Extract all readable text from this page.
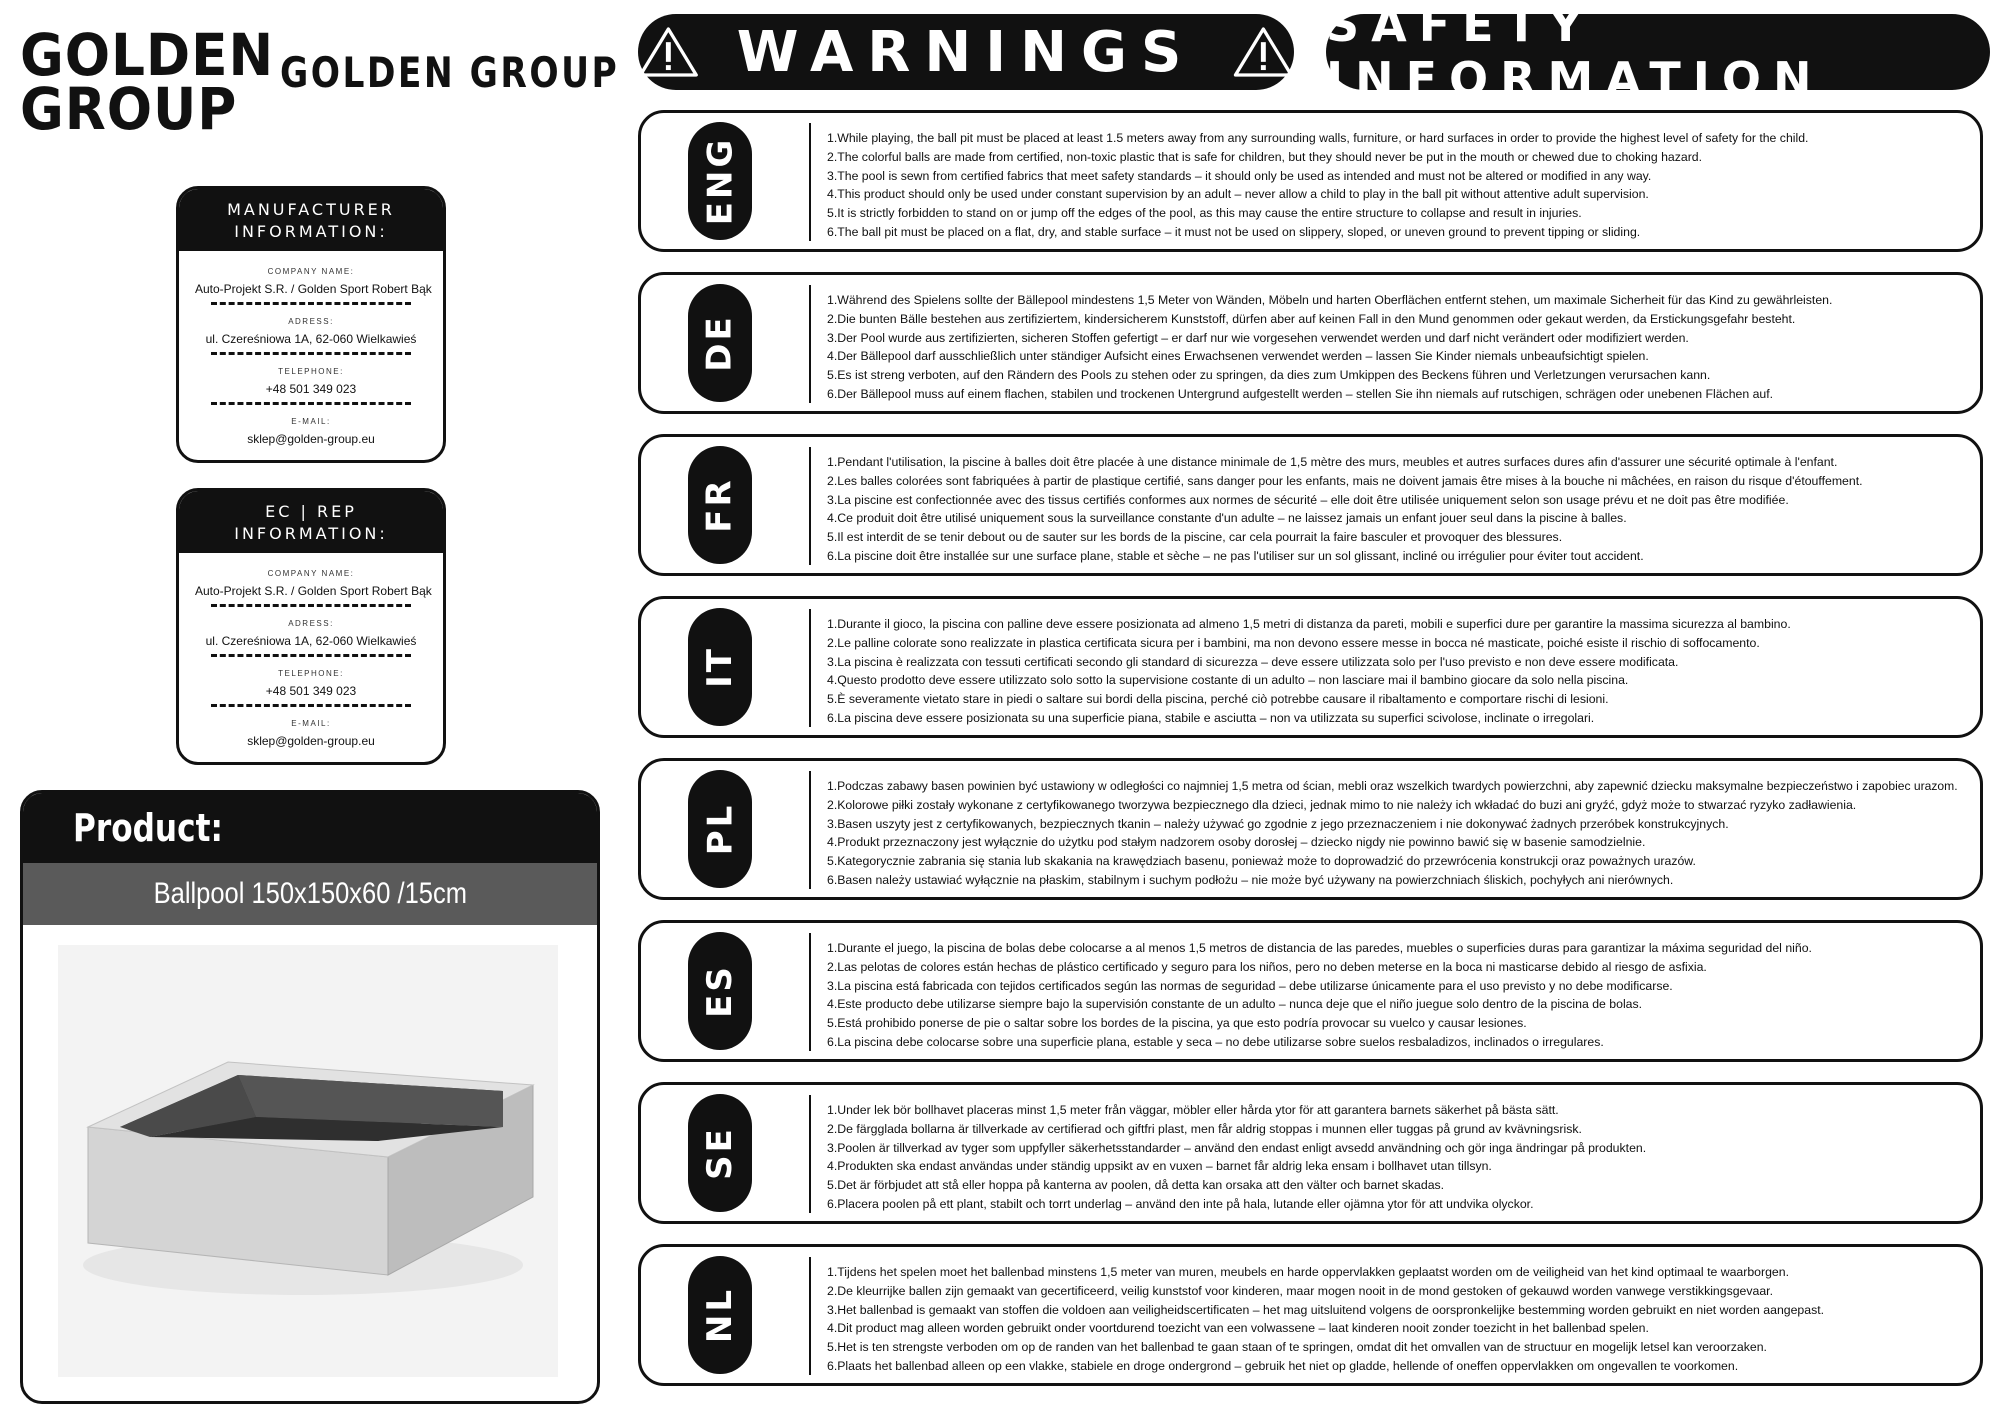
GOLDEN
GROUP
GOLDEN GROUP
MANUFACTURER INFORMATION:
COMPANY NAME:
Auto-Projekt S.R. / Golden Sport Robert Bąk
ADRESS:
ul. Czereśniowa 1A, 62-060 Wielkawieś
TELEPHONE:
+48 501 349 023
E-MAIL:
sklep@golden-group.eu
EC | REP INFORMATION:
COMPANY NAME:
Auto-Projekt S.R. / Golden Sport Robert Bąk
ADRESS:
ul. Czereśniowa 1A, 62-060 Wielkawieś
TELEPHONE:
+48 501 349 023
E-MAIL:
sklep@golden-group.eu
Product:
Ballpool 150x150x60 /15cm
WARNINGS	SAFETY INFORMATION
ENG	1.While playing, the ball pit must be placed at least 1.5 meters away from any surrounding walls, furniture, or hard surfaces in order to provide the highest level of safety for the child.
2.The colorful balls are made from certified, non-toxic plastic that is safe for children, but they should never be put in the mouth or chewed due to choking hazard.
3.The pool is sewn from certified fabrics that meet safety standards – it should only be used as intended and must not be altered or modified in any way.
4.This product should only be used under constant supervision by an adult – never allow a child to play in the ball pit without attentive adult supervision.
5.It is strictly forbidden to stand on or jump off the edges of the pool, as this may cause the entire structure to collapse and result in injuries.
6.The ball pit must be placed on a flat, dry, and stable surface – it must not be used on slippery, sloped, or uneven ground to prevent tipping or sliding.
DE
1.Während des Spielens sollte der Bällepool mindestens 1,5 Meter von Wänden, Möbeln und harten Oberflächen entfernt stehen, um maximale Sicherheit für das Kind zu gewährleisten.
2.Die bunten Bälle bestehen aus zertifiziertem, kindersicherem Kunststoff, dürfen aber auf keinen Fall in den Mund genommen oder gekaut werden, da Erstickungsgefahr besteht.
3.Der Pool wurde aus zertifizierten, sicheren Stoffen gefertigt – er darf nur wie vorgesehen verwendet werden und darf nicht verändert oder modifiziert werden.
4.Der Bällepool darf ausschließlich unter ständiger Aufsicht eines Erwachsenen verwendet werden – lassen Sie Kinder niemals unbeaufsichtigt spielen.
5.Es ist streng verboten, auf den Rändern des Pools zu stehen oder zu springen, da dies zum Umkippen des Beckens führen und Verletzungen verursachen kann.
6.Der Bällepool muss auf einem flachen, stabilen und trockenen Untergrund aufgestellt werden – stellen Sie ihn niemals auf rutschigen, schrägen oder unebenen Flächen auf.
FR
1.Pendant l'utilisation, la piscine à balles doit être placée à une distance minimale de 1,5 mètre des murs, meubles et autres surfaces dures afin d'assurer une sécurité optimale à l'enfant.
2.Les balles colorées sont fabriquées à partir de plastique certifié, sans danger pour les enfants, mais ne doivent jamais être mises à la bouche ni mâchées, en raison du risque d'étouffement.
3.La piscine est confectionnée avec des tissus certifiés conformes aux normes de sécurité – elle doit être utilisée uniquement selon son usage prévu et ne doit pas être modifiée.
4.Ce produit doit être utilisé uniquement sous la surveillance constante d'un adulte – ne laissez jamais un enfant jouer seul dans la piscine à balles.
5.Il est interdit de se tenir debout ou de sauter sur les bords de la piscine, car cela pourrait la faire basculer et provoquer des blessures.
6.La piscine doit être installée sur une surface plane, stable et sèche – ne pas l'utiliser sur un sol glissant, incliné ou irrégulier pour éviter tout accident.
IT
1.Durante il gioco, la piscina con palline deve essere posizionata ad almeno 1,5 metri di distanza da pareti, mobili e superfici dure per garantire la massima sicurezza al bambino.
2.Le palline colorate sono realizzate in plastica certificata sicura per i bambini, ma non devono essere messe in bocca né masticate, poiché esiste il rischio di soffocamento.
3.La piscina è realizzata con tessuti certificati secondo gli standard di sicurezza – deve essere utilizzata solo per l'uso previsto e non deve essere modificata.
4.Questo prodotto deve essere utilizzato solo sotto la supervisione costante di un adulto – non lasciare mai il bambino giocare da solo nella piscina.
5.È severamente vietato stare in piedi o saltare sui bordi della piscina, perché ciò potrebbe causare il ribaltamento e comportare rischi di lesioni.
6.La piscina deve essere posizionata su una superficie piana, stabile e asciutta – non va utilizzata su superfici scivolose, inclinate o irregolari.
PL
1.Podczas zabawy basen powinien być ustawiony w odległości co najmniej 1,5 metra od ścian, mebli oraz wszelkich twardych powierzchni, aby zapewnić dziecku maksymalne bezpieczeństwo i zapobiec urazom.
2.Kolorowe piłki zostały wykonane z certyfikowanego tworzywa bezpiecznego dla dzieci, jednak mimo to nie należy ich wkładać do buzi ani gryźć, gdyż może to stwarzać ryzyko zadławienia.
3.Basen uszyty jest z certyfikowanych, bezpiecznych tkanin – należy używać go zgodnie z jego przeznaczeniem i nie dokonywać żadnych przeróbek konstrukcyjnych.
4.Produkt przeznaczony jest wyłącznie do użytku pod stałym nadzorem osoby dorosłej – dziecko nigdy nie powinno bawić się w basenie samodzielnie.
5.Kategorycznie zabrania się stania lub skakania na krawędziach basenu, ponieważ może to doprowadzić do przewrócenia konstrukcji oraz poważnych urazów.
6.Basen należy ustawiać wyłącznie na płaskim, stabilnym i suchym podłożu – nie może być używany na powierzchniach śliskich, pochyłych ani nierównych.
ES
1.Durante el juego, la piscina de bolas debe colocarse a al menos 1,5 metros de distancia de las paredes, muebles o superficies duras para garantizar la máxima seguridad del niño.
2.Las pelotas de colores están hechas de plástico certificado y seguro para los niños, pero no deben meterse en la boca ni masticarse debido al riesgo de asfixia.
3.La piscina está fabricada con tejidos certificados según las normas de seguridad – debe utilizarse únicamente para el uso previsto y no debe modificarse.
4.Este producto debe utilizarse siempre bajo la supervisión constante de un adulto – nunca deje que el niño juegue solo dentro de la piscina de bolas.
5.Está prohibido ponerse de pie o saltar sobre los bordes de la piscina, ya que esto podría provocar su vuelco y causar lesiones.
6.La piscina debe colocarse sobre una superficie plana, estable y seca – no debe utilizarse sobre suelos resbaladizos, inclinados o irregulares.
SE
1.Under lek bör bollhavet placeras minst 1,5 meter från väggar, möbler eller hårda ytor för att garantera barnets säkerhet på bästa sätt.
2.De färgglada bollarna är tillverkade av certifierad och giftfri plast, men får aldrig stoppas i munnen eller tuggas på grund av kvävningsrisk.
3.Poolen är tillverkad av tyger som uppfyller säkerhetsstandarder – använd den endast enligt avsedd användning och gör inga ändringar på produkten.
4.Produkten ska endast användas under ständig uppsikt av en vuxen – barnet får aldrig leka ensam i bollhavet utan tillsyn.
5.Det är förbjudet att stå eller hoppa på kanterna av poolen, då detta kan orsaka att den välter och barnet skadas.
6.Placera poolen på ett plant, stabilt och torrt underlag – använd den inte på hala, lutande eller ojämna ytor för att undvika olyckor.
NL
1.Tijdens het spelen moet het ballenbad minstens 1,5 meter van muren, meubels en harde oppervlakken geplaatst worden om de veiligheid van het kind optimaal te waarborgen.
2.De kleurrijke ballen zijn gemaakt van gecertificeerd, veilig kunststof voor kinderen, maar mogen nooit in de mond gestoken of gekauwd worden vanwege verstikkingsgevaar.
3.Het ballenbad is gemaakt van stoffen die voldoen aan veiligheidscertificaten – het mag uitsluitend volgens de oorspronkelijke bestemming worden gebruikt en niet worden aangepast.
4.Dit product mag alleen worden gebruikt onder voortdurend toezicht van een volwassene – laat kinderen nooit zonder toezicht in het ballenbad spelen.
5.Het is ten strengste verboden om op de randen van het ballenbad te gaan staan of te springen, omdat dit het omvallen van de structuur en mogelijk letsel kan veroorzaken.
6.Plaats het ballenbad alleen op een vlakke, stabiele en droge ondergrond – gebruik het niet op gladde, hellende of oneffen oppervlakken om ongevallen te voorkomen.
